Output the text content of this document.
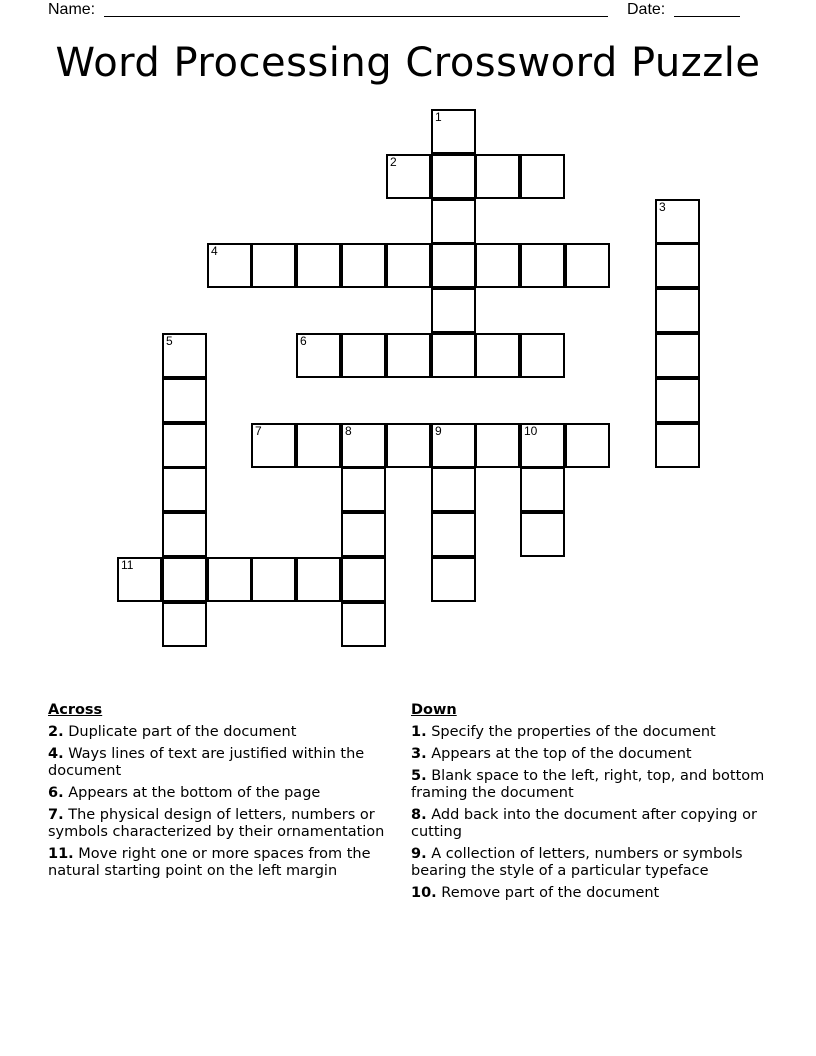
Name:	Date:
Word Processing Crossword Puzzle
1
2
3
4
5	6
7	8	9	10
11
Across
2. Duplicate part of the document
4. Ways lines of text are justified within the document
6. Appears at the bottom of the page
7. The physical design of letters, numbers or symbols characterized by their ornamentation
11. Move right one or more spaces from the natural starting point on the left margin
Down
1. Specify the properties of the document
3. Appears at the top of the document
5. Blank space to the left, right, top, and bottom framing the document
8. Add back into the document after copying or cutting
9. A collection of letters, numbers or symbols bearing the style of a particular typeface
10. Remove part of the document
